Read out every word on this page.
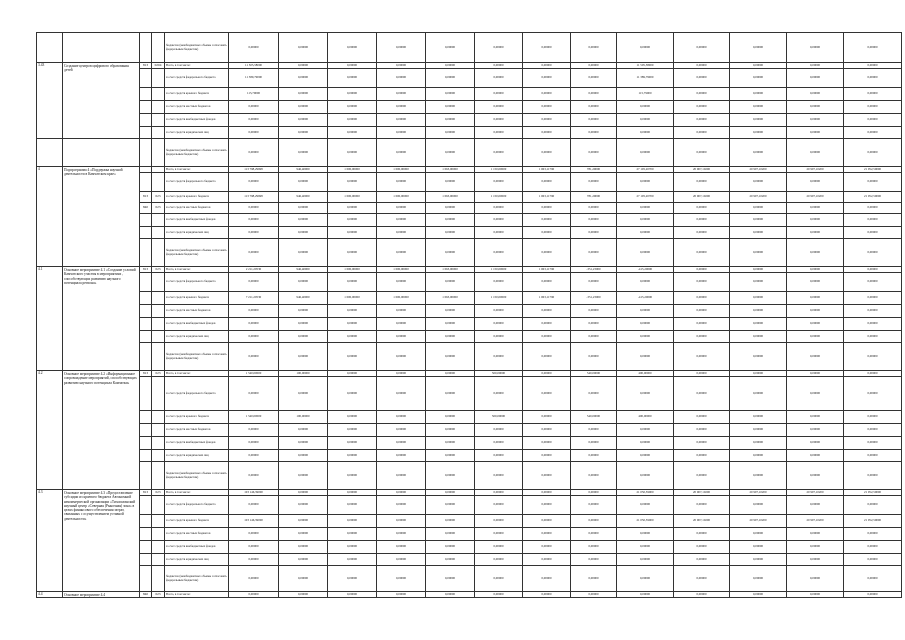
				бюджетов (межбюджетных объемы согласовать федеральным бюджетом)	0,00000	0,00000	0,00000	0,00000	0,00000	0,00000	0,00000	0,00000	0,00000	0,00000	0,00000	0,00000	0,00000
3.43	Создание центров цифрового образования детей	813	0204	Всего, в том числе:	11 505,58000	0,00000	0,00000	0,00000	0,00000	0,00000	0,00000	0,00000	11 505,58000	0,00000	0,00000	0,00000	0,00000
				за счет средств федерального бюджета	11 389,79000	0,00000	0,00000	0,00000	0,00000	0,00000	0,00000	0,00000	11 389,79000	0,00000	0,00000	0,00000	0,00000
				за счет средств краевого бюджета	115,79000	0,00000	0,00000	0,00000	0,00000	0,00000	0,00000	0,00000	115,79000	0,00000	0,00000	0,00000	0,00000
				за счет средств местных бюджетов	0,00000	0,00000	0,00000	0,00000	0,00000	0,00000	0,00000	0,00000	0,00000	0,00000	0,00000	0,00000	0,00000
				за счет средств внебюджетных фондов	0,00000	0,00000	0,00000	0,00000	0,00000	0,00000	0,00000	0,00000	0,00000	0,00000	0,00000	0,00000	0,00000
				за счет средств юридических лиц	0,00000	0,00000	0,00000	0,00000	0,00000	0,00000	0,00000	0,00000	0,00000	0,00000	0,00000	0,00000	0,00000
				бюджетов (межбюджетных объемы согласовать федеральным бюджетом)	0,00000	0,00000	0,00000	0,00000	0,00000	0,00000	0,00000	0,00000	0,00000	0,00000	0,00000	0,00000	0,00000
4	Подпрограмма 4 «Поддержка научной деятельности в Камчатском крае»			Всего, в том числе:	113 798,29698	946,40000	1 000,00000	1 000,00000	1 063,00000	1 150,00000	1 063,11790	781,29000	27 105,20700	20 907,10200	20 907,10200	20 907,10200	21 052,59000
				за счет средств федерального бюджета	0,00000	0,00000	0,00000	0,00000	0,00000	0,00000	0,00000	0,00000	0,00000	0,00000	0,00000	0,00000	0,00000
		813	023	за счет средств краевого бюджета	113 798,29698	946,40000	1 000,00000	1 000,00000	1 063,00000	1 150,00000	1 063,11790	781,29000	27 105,20700	20 907,10200	20 907,10200	20 907,10200	21 052,59000
		840	023	за счет средств местных бюджетов	0,00000	0,00000	0,00000	0,00000	0,00000	0,00000	0,00000	0,00000	0,00000	0,00000	0,00000	0,00000	0,00000
				за счет средств внебюджетных фондов	0,00000	0,00000	0,00000	0,00000	0,00000	0,00000	0,00000	0,00000	0,00000	0,00000	0,00000	0,00000	0,00000
				за счет средств юридических лиц	0,00000	0,00000	0,00000	0,00000	0,00000	0,00000	0,00000	0,00000	0,00000	0,00000	0,00000	0,00000	0,00000
				бюджетов (межбюджетных объемы согласовать федеральным бюджетом)	0,00000	0,00000	0,00000	0,00000	0,00000	0,00000	0,00000	0,00000	0,00000	0,00000	0,00000	0,00000	0,00000
4.1	Основное мероприятие 4.1 «Создание условий Камчатского участия в мероприятиях , способствующих развитию научного потенциала региона»	813	023	Всего, в том числе:	2 211,20530	946,40000	1 000,00000	1 000,00000	1 063,00000	1 150,00000	1 063,11790	-351,23000	-415,20000	0,00000	0,00000	0,00000	0,00000
				за счет средств федерального бюджета	0,00000	0,00000	0,00000	0,00000	0,00000	0,00000	0,00000	0,00000	0,00000	0,00000	0,00000	0,00000	0,00000
				за счет средств краевого бюджета	7 211,20530	946,40000	1 000,00000	1 000,00000	1 063,00000	1 150,00000	1 063,11790	-351,23000	-415,20000	0,00000	0,00000	0,00000	0,00000
				за счет средств местных бюджетов	0,00000	0,00000	0,00000	0,00000	0,00000	0,00000	0,00000	0,00000	0,00000	0,00000	0,00000	0,00000	0,00000
				за счет средств внебюджетных фондов	0,00000	0,00000	0,00000	0,00000	0,00000	0,00000	0,00000	0,00000	0,00000	0,00000	0,00000	0,00000	0,00000
				за счет средств юридических лиц	0,00000	0,00000	0,00000	0,00000	0,00000	0,00000	0,00000	0,00000	0,00000	0,00000	0,00000	0,00000	0,00000
				бюджетов (межбюджетных объемы согласовать федеральным бюджетом)	0,00000	0,00000	0,00000	0,00000	0,00000	0,00000	0,00000	0,00000	0,00000	0,00000	0,00000	0,00000	0,00000
4.2	Основное мероприятие 4.2 «Информационное сопровождение мероприятий, способствующих развитию научного потенциала Камчатки»	813	023	Всего, в том числе:	1 540,00000	100,00000	0,00000	0,00000	0,00000	500,00000	0,00000	540,00000	400,00000	0,00000	0,00000	0,00000	0,00000
				за счет средств федерального бюджета	0,00000	0,00000	0,00000	0,00000	0,00000	0,00000	0,00000	0,00000	0,00000	0,00000	0,00000	0,00000	0,00000
				за счет средств краевого бюджета	1 540,00000	100,00000	0,00000	0,00000	0,00000	500,00000	0,00000	540,00000	400,00000	0,00000	0,00000	0,00000	0,00000
				за счет средств местных бюджетов	0,00000	0,00000	0,00000	0,00000	0,00000	0,00000	0,00000	0,00000	0,00000	0,00000	0,00000	0,00000	0,00000
				за счет средств внебюджетных фондов	0,00000	0,00000	0,00000	0,00000	0,00000	0,00000	0,00000	0,00000	0,00000	0,00000	0,00000	0,00000	0,00000
				за счет средств юридических лиц	0,00000	0,00000	0,00000	0,00000	0,00000	0,00000	0,00000	0,00000	0,00000	0,00000	0,00000	0,00000	0,00000
				бюджетов (межбюджетных объемы согласовать федеральным бюджетом)	0,00000	0,00000	0,00000	0,00000	0,00000	0,00000	0,00000	0,00000	0,00000	0,00000	0,00000	0,00000	0,00000
4.3	Основное мероприятие 4.3 «Предоставление субсидии из краевого бюджета Автономной некоммерческой организации «Тихоокеанский научный центр «Северная (Рыночная) зона» в целях финансового обеспечения затрат, связанных с осуществлением уставной деятельности»	813	023	Всего, в том числе:	103 146,39000	0,00000	0,00000	0,00000	0,00000	0,00000	0,00000	0,00000	21 050,59000	20 907,10200	20 907,10200	20 907,10200	21 052,59000
				за счет средств федерального бюджета	0,00000	0,00000	0,00000	0,00000	0,00000	0,00000	0,00000	0,00000	0,00000	0,00000	0,00000	0,00000	0,00000
				за счет средств краевого бюджета	103 146,39000	0,00000	0,00000	0,00000	0,00000	0,00000	0,00000	0,00000	21 050,59000	20 907,10200	20 907,10200	20 907,10200	21 052,59000
				за счет средств местных бюджетов	0,00000	0,00000	0,00000	0,00000	0,00000	0,00000	0,00000	0,00000	0,00000	0,00000	0,00000	0,00000	0,00000
				за счет средств внебюджетных фондов	0,00000	0,00000	0,00000	0,00000	0,00000	0,00000	0,00000	0,00000	0,00000	0,00000	0,00000	0,00000	0,00000
				за счет средств юридических лиц	0,00000	0,00000	0,00000	0,00000	0,00000	0,00000	0,00000	0,00000	0,00000	0,00000	0,00000	0,00000	0,00000
				бюджетов (межбюджетных объемы согласовать федеральным бюджетом)	0,00000	0,00000	0,00000	0,00000	0,00000	0,00000	0,00000	0,00000	0,00000	0,00000	0,00000	0,00000	0,00000
4.4	Основное мероприятие 4.4	840	023	Всего, в том числе:	0,00000	0,00000	0,00000	0,00000	0,00000	0,00000	0,00000	0,00000	0,00000	0,00000	0,00000	0,00000	0,00000
